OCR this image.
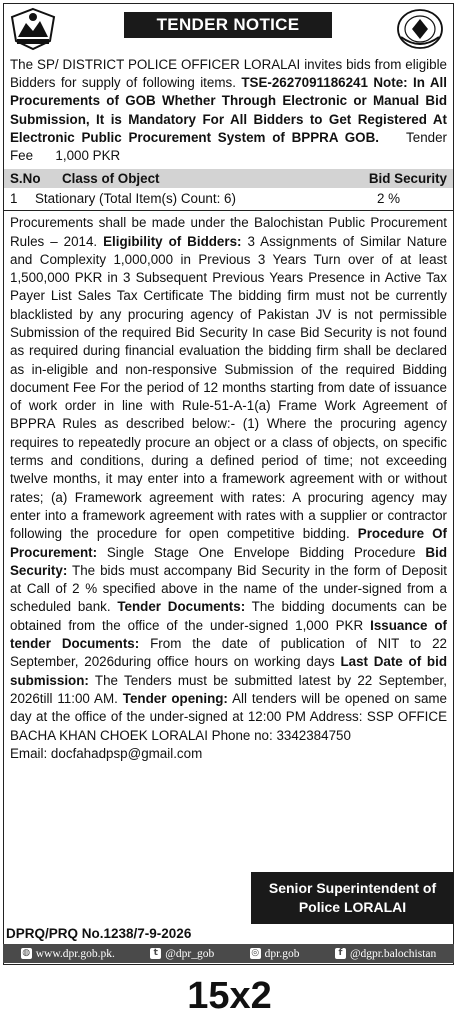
TENDER NOTICE
The SP/ DISTRICT POLICE OFFICER LORALAI invites bids from eligible Bidders for supply of following items. TSE-2627091186241 Note: In All Procurements of GOB Whether Through Electronic or Manual Bid Submission, It is Mandatory For All Bidders to Get Registered At Electronic Public Procurement System of BPPRA GOB. Tender Fee 1,000 PKR
S.No	Class of Object	Bid Security
1	Stationary (Total Item(s) Count: 6)	2 %
Procurements shall be made under the Balochistan Public Procurement Rules – 2014. Eligibility of Bidders: 3 Assignments of Similar Nature and Complexity 1,000,000 in Previous 3 Years Turn over of at least 1,500,000 PKR in 3 Subsequent Previous Years Presence in Active Tax Payer List Sales Tax Certificate The bidding firm must not be currently blacklisted by any procuring agency of Pakistan JV is not permissible Submission of the required Bid Security In case Bid Security is not found as required during financial evaluation the bidding firm shall be declared as in-eligible and non-responsive Submission of the required Bidding document Fee For the period of 12 months starting from date of issuance of work order in line with Rule-51-A-1(a) Frame Work Agreement of BPPRA Rules as described below:- (1) Where the procuring agency requires to repeatedly procure an object or a class of objects, on specific terms and conditions, during a defined period of time; not exceeding twelve months, it may enter into a framework agreement with or without rates; (a) Framework agreement with rates: A procuring agency may enter into a framework agreement with rates with a supplier or contractor following the procedure for open competitive bidding. Procedure Of Procurement: Single Stage One Envelope Bidding Procedure Bid Security: The bids must accompany Bid Security in the form of Deposit at Call of 2 % specified above in the name of the under-signed from a scheduled bank. Tender Documents: The bidding documents can be obtained from the office of the under-signed 1,000 PKR Issuance of tender Documents: From the date of publication of NIT to 22 September, 2026during office hours on working days Last Date of bid submission: The Tenders must be submitted latest by 22 September, 2026till 11:00 AM. Tender opening: All tenders will be opened on same day at the office of the under-signed at 12:00 PM Address: SSP OFFICE BACHA KHAN CHOEK LORALAI Phone no: 3342384750
Email: docfahadpsp@gmail.com
Senior Superintendent of
Police LORALAI
DPRQ/PRQ No.1238/7-9-2026
◍ www.dpr.gob.pk.	t @dpr_gob	◎ dpr.gob	f @dgpr.balochistan
15x2
